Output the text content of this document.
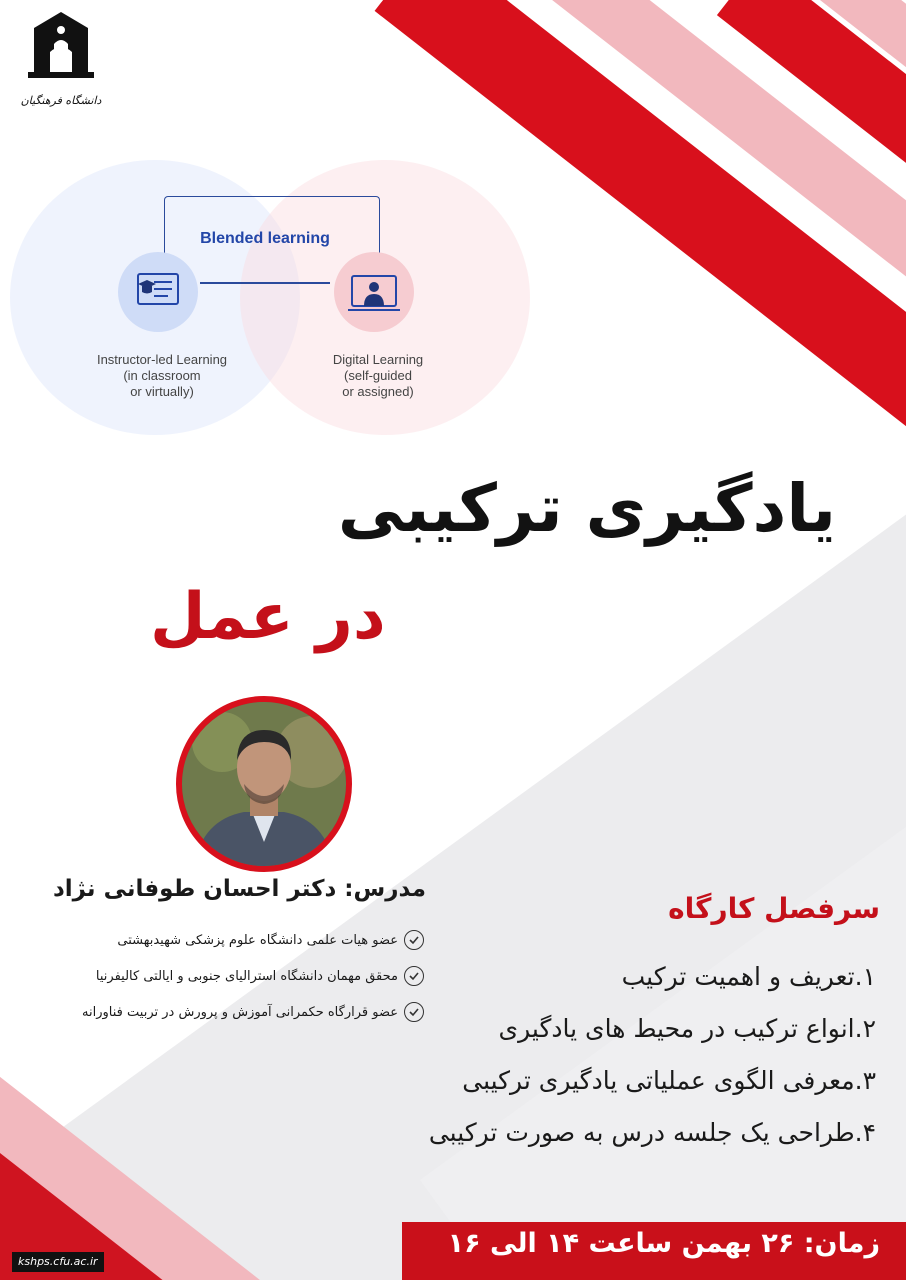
دانشگاه فرهنگیان
Blended learning
Instructor-led Learning
(in classroom
or virtually)
Digital Learning
(self-guided
or assigned)
یادگیری ترکیبی
در عمل
مدرس: دکتر احسان طوفانی نژاد
عضو هیات علمی دانشگاه علوم پزشکی شهیدبهشتی
محقق مهمان دانشگاه استرالیای جنوبی و ایالتی کالیفرنیا
عضو قرارگاه حکمرانی آموزش و پرورش در تربیت فناورانه
سرفصل کارگاه
۱.تعریف و اهمیت ترکیب
۲.انواع ترکیب در محیط های یادگیری
۳.معرفی الگوی عملیاتی یادگیری ترکیبی
۴.طراحی یک جلسه درس به صورت ترکیبی
زمان: ۲۶ بهمن ساعت ۱۴ الی ۱۶
kshps.cfu.ac.ir
